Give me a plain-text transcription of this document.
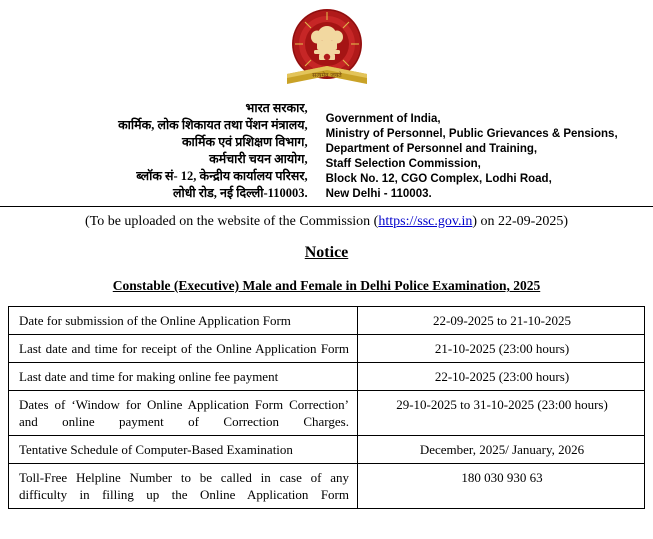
सत्यमेव जयते
भारत सरकार,
कार्मिक, लोक शिकायत तथा पेंशन मंत्रालय,
कार्मिक एवं प्रशिक्षण विभाग,
कर्मचारी चयन आयोग,
ब्लॉक सं- 12, केन्द्रीय कार्यालय परिसर,
लोधी रोड, नई दिल्ली-110003.
Government of India,
Ministry of Personnel, Public Grievances & Pensions,
Department of Personnel and Training,
Staff Selection Commission,
Block No. 12, CGO Complex, Lodhi Road,
New Delhi - 110003.
(To be uploaded on the website of the Commission (https://ssc.gov.in) on 22-09-2025)
Notice
Constable (Executive) Male and Female in Delhi Police Examination, 2025
Date for submission of the Online Application Form	22-09-2025 to 21-10-2025
Last date and time for receipt of the Online Application Form	21-10-2025 (23:00 hours)
Last date and time for making online fee payment	22-10-2025 (23:00 hours)
Dates of ‘Window for Online Application Form Correction’ and online payment of Correction Charges.	29-10-2025 to 31-10-2025 (23:00 hours)
Tentative Schedule of Computer-Based Examination	December, 2025/ January, 2026
Toll-Free Helpline Number to be called in case of any difficulty in filling up the Online Application Form	180 030 930 63
